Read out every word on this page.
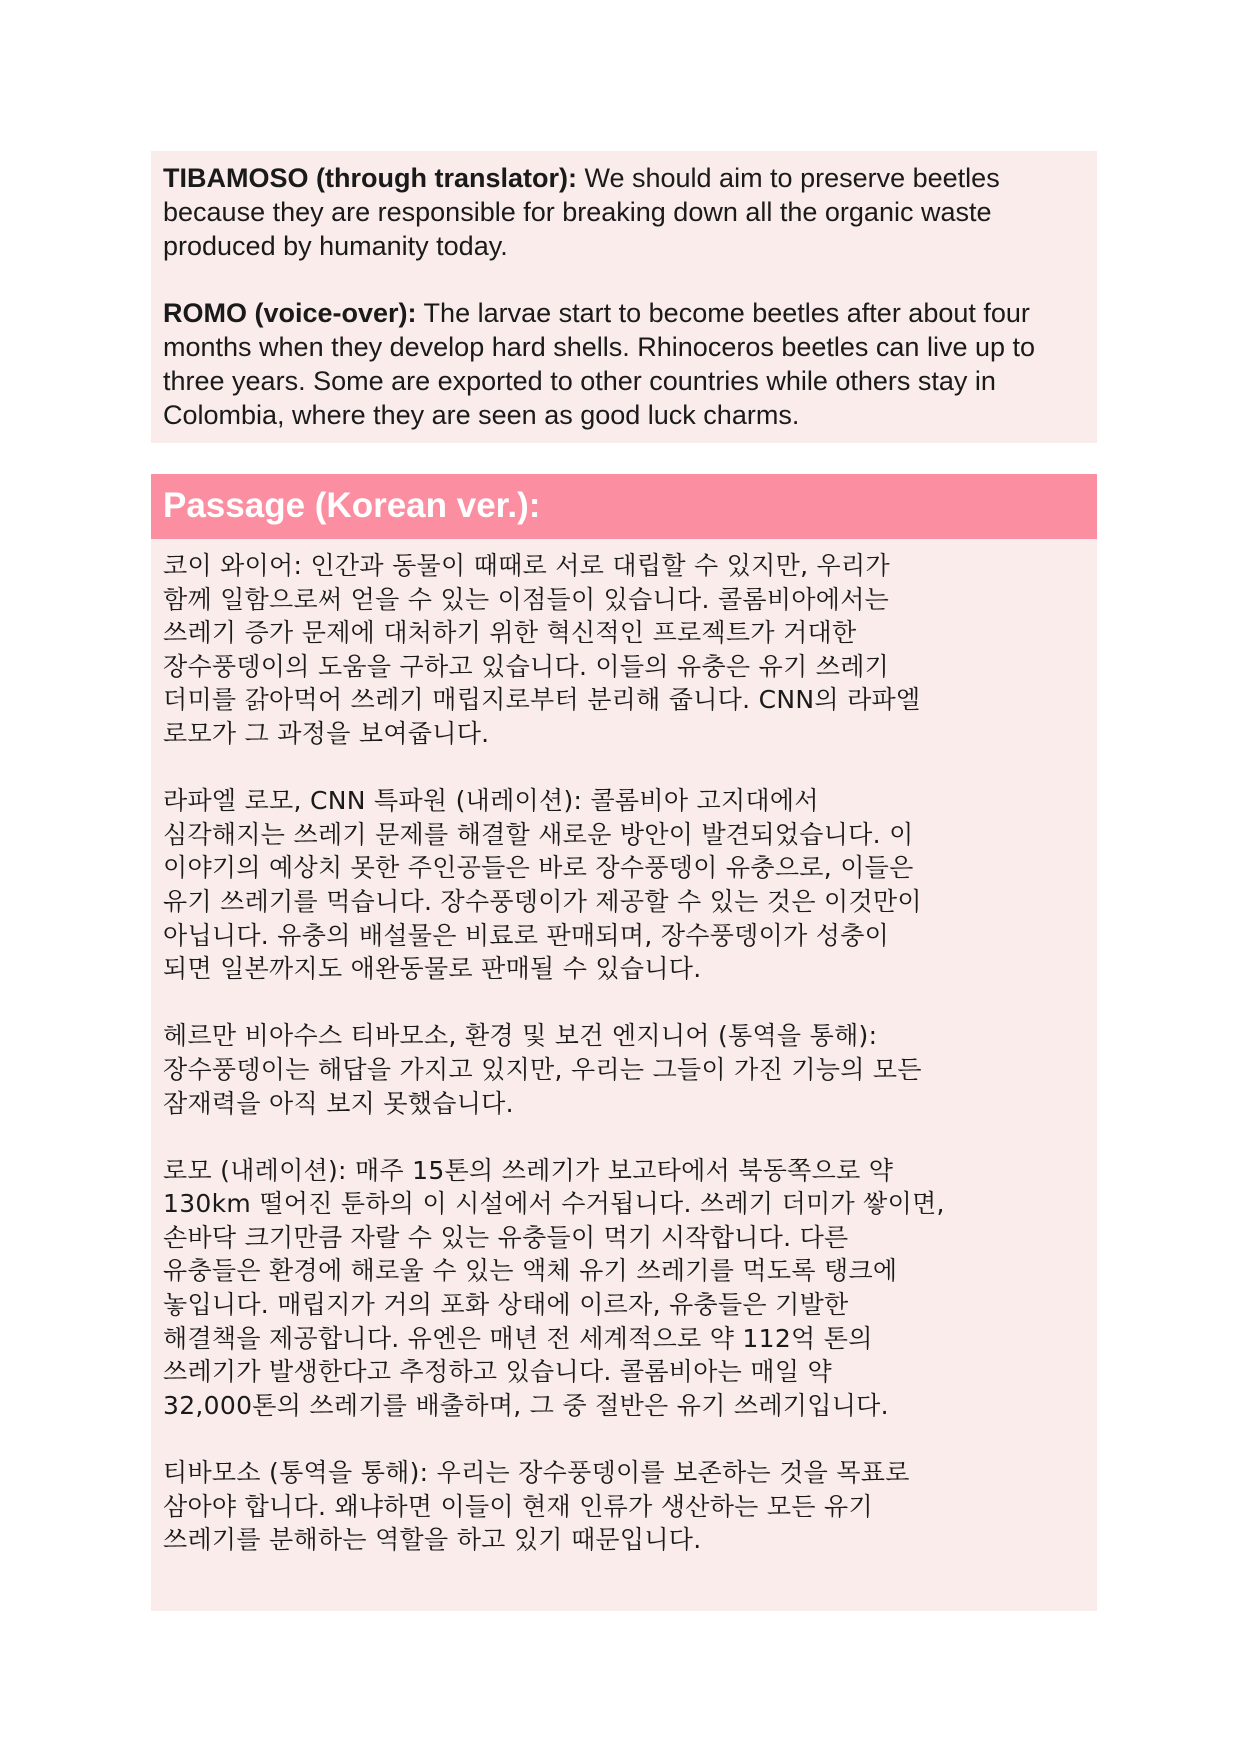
TIBAMOSO (through translator): We should aim to preserve beetles because they are responsible for breaking down all the organic waste produced by humanity today.

ROMO (voice-over): The larvae start to become beetles after about four months when they develop hard shells. Rhinoceros beetles can live up to three years. Some are exported to other countries while others stay in Colombia, where they are seen as good luck charms.

Passage (Korean ver.):

코이 와이어: 인간과 동물이 때때로 서로 대립할 수 있지만, 우리가
함께 일함으로써 얻을 수 있는 이점들이 있습니다. 콜롬비아에서는
쓰레기 증가 문제에 대처하기 위한 혁신적인 프로젝트가 거대한
장수풍뎅이의 도움을 구하고 있습니다. 이들의 유충은 유기 쓰레기
더미를 갉아먹어 쓰레기 매립지로부터 분리해 줍니다. CNN의 라파엘
로모가 그 과정을 보여줍니다.

라파엘 로모, CNN 특파원 (내레이션): 콜롬비아 고지대에서
심각해지는 쓰레기 문제를 해결할 새로운 방안이 발견되었습니다. 이
이야기의 예상치 못한 주인공들은 바로 장수풍뎅이 유충으로, 이들은
유기 쓰레기를 먹습니다. 장수풍뎅이가 제공할 수 있는 것은 이것만이
아닙니다. 유충의 배설물은 비료로 판매되며, 장수풍뎅이가 성충이
되면 일본까지도 애완동물로 판매될 수 있습니다.

헤르만 비아수스 티바모소, 환경 및 보건 엔지니어 (통역을 통해):
장수풍뎅이는 해답을 가지고 있지만, 우리는 그들이 가진 기능의 모든
잠재력을 아직 보지 못했습니다.

로모 (내레이션): 매주 15톤의 쓰레기가 보고타에서 북동쪽으로 약
130km 떨어진 툰하의 이 시설에서 수거됩니다. 쓰레기 더미가 쌓이면,
손바닥 크기만큼 자랄 수 있는 유충들이 먹기 시작합니다. 다른
유충들은 환경에 해로울 수 있는 액체 유기 쓰레기를 먹도록 탱크에
놓입니다. 매립지가 거의 포화 상태에 이르자, 유충들은 기발한
해결책을 제공합니다. 유엔은 매년 전 세계적으로 약 112억 톤의
쓰레기가 발생한다고 추정하고 있습니다. 콜롬비아는 매일 약
32,000톤의 쓰레기를 배출하며, 그 중 절반은 유기 쓰레기입니다.

티바모소 (통역을 통해): 우리는 장수풍뎅이를 보존하는 것을 목표로
삼아야 합니다. 왜냐하면 이들이 현재 인류가 생산하는 모든 유기
쓰레기를 분해하는 역할을 하고 있기 때문입니다.
